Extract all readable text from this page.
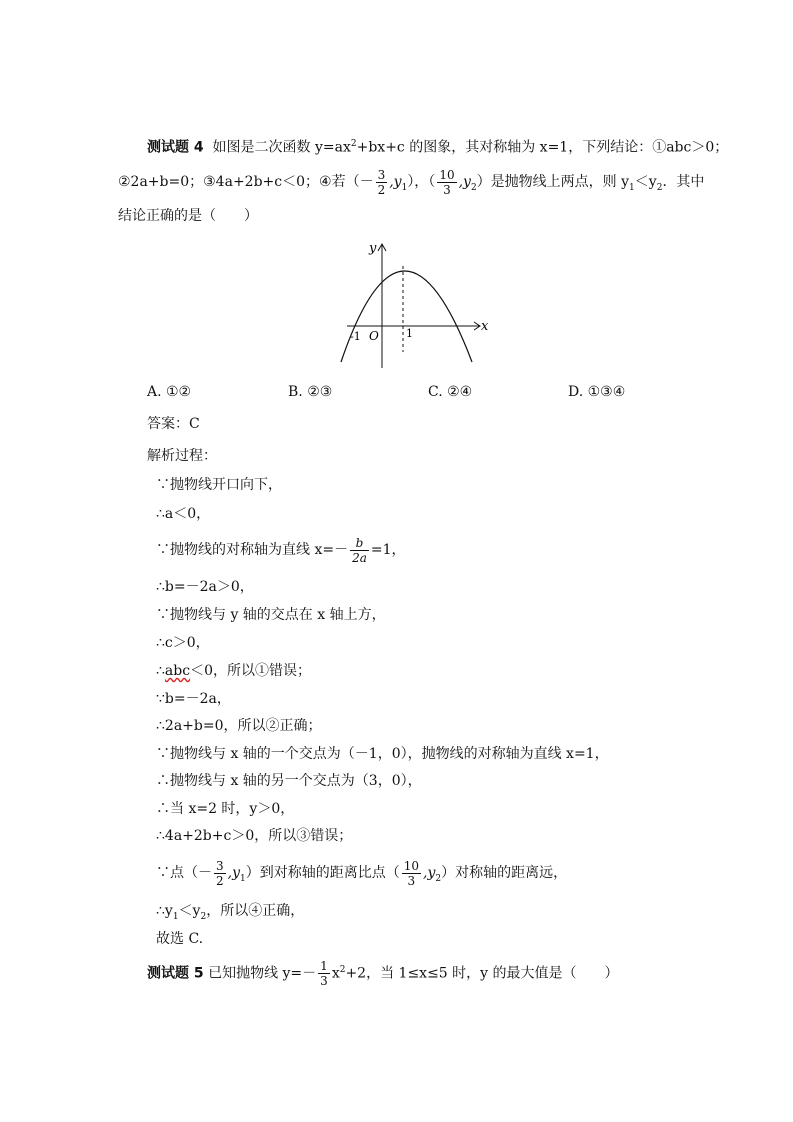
测试题 4 如图是二次函数 $y=ax^2+bx+c$ 的图象，其对称轴为 x=1，下列结论：①abc＞0；
②2a+b=0；③4a+2b+c＜0；④若（－ $\frac{3}{2} ,y_1$），（ $\frac{10}{3} ,y_2$）是抛物线上两点，则 $y_1<y_2$．其中
结论正确的是（　　）
y
x
O
-1	1
A. ①②	B. ②③	C. ②④	D. ①③④
答案：C
解析过程：
∵抛物线开口向下，
∴a＜0，
∵抛物线的对称轴为直线 $x=- \frac{b}{2a} =1$，
∴b=－2a＞0，
∵抛物线与 y 轴的交点在 x 轴上方，
∴c＞0，
∴abc＜0，所以①错误；
∵b=－2a，
∴2a+b=0，所以②正确；
∵抛物线与 x 轴的一个交点为（－1，0），抛物线的对称轴为直线 x=1，
∴抛物线与 x 轴的另一个交点为（3，0），
∴当 x=2 时，y＞0，
∴4a+2b+c＞0，所以③错误；
∵点（－ $\frac{3}{2} ,y_1$）到对称轴的距离比点（ $\frac{10}{3} ,y_2$）对称轴的距离远，
$\therefore y_1<y_2$，所以④正确，
故选 C.
测试题 5 已知抛物线 $y=- \frac{1}{3} x^2+2$，当 1≤x≤5 时，y 的最大值是（　　）
